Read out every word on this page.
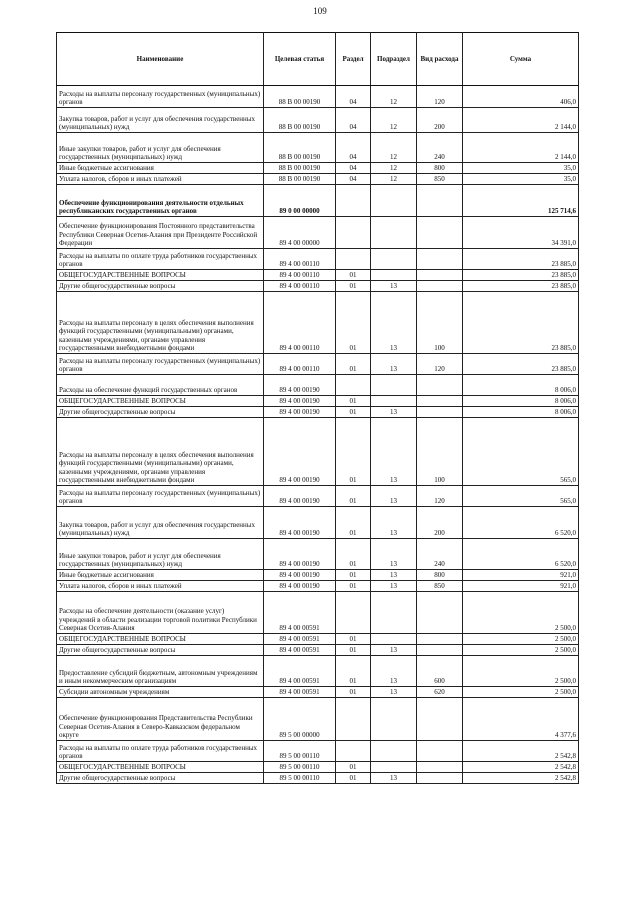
109
Наименование	Целевая статья	Раздел	Подраздел	Вид расхода	Сумма
Расходы на выплаты персоналу государственных (муниципальных) органов	88 В 00 00190	04	12	120	406,0
Закупка товаров, работ и услуг для обеспечения государственных (муниципальных) нужд	88 В 00 00190	04	12	200	2 144,0
Иные закупки товаров, работ и услуг для обеспечения государственных (муниципальных) нужд	88 В 00 00190	04	12	240	2 144,0
Иные бюджетные ассигнования	88 В 00 00190	04	12	800	35,0
Уплата налогов, сборов и иных платежей	88 В 00 00190	04	12	850	35,0
Обеспечение функционирования деятельности отдельных республиканских государственных органов	89 0 00 00000				125 714,6
Обеспечение функционирования Постоянного представительства Республики Северная Осетия-Алания при Президенте Российской Федерации	89 4 00 00000				34 391,0
Расходы на выплаты по оплате труда работников государственных органов	89 4 00 00110				23 885,0
ОБЩЕГОСУДАРСТВЕННЫЕ ВОПРОСЫ	89 4 00 00110	01			23 885,0
Другие общегосударственные вопросы	89 4 00 00110	01	13		23 885,0
Расходы на выплаты персоналу в целях обеспечения выполнения функций государственными (муниципальными) органами, казенными учреждениями, органами управления государственными внебюджетными фондами	89 4 00 00110	01	13	100	23 885,0
Расходы на выплаты персоналу государственных (муниципальных) органов	89 4 00 00110	01	13	120	23 885,0
Расходы на обеспечение функций государственных органов	89 4 00 00190				8 006,0
ОБЩЕГОСУДАРСТВЕННЫЕ ВОПРОСЫ	89 4 00 00190	01			8 006,0
Другие общегосударственные вопросы	89 4 00 00190	01	13		8 006,0
Расходы на выплаты персоналу в целях обеспечения выполнения функций государственными (муниципальными) органами, казенными учреждениями, органами управления государственными внебюджетными фондами	89 4 00 00190	01	13	100	565,0
Расходы на выплаты персоналу государственных (муниципальных) органов	89 4 00 00190	01	13	120	565,0
Закупка товаров, работ и услуг для обеспечения государственных (муниципальных) нужд	89 4 00 00190	01	13	200	6 520,0
Иные закупки товаров, работ и услуг для обеспечения государственных (муниципальных) нужд	89 4 00 00190	01	13	240	6 520,0
Иные бюджетные ассигнования	89 4 00 00190	01	13	800	921,0
Уплата налогов, сборов и иных платежей	89 4 00 00190	01	13	850	921,0
Расходы на обеспечение деятельности (оказание услуг) учреждений в области реализации торговой политики Республики Северная Осетия-Алания	89 4 00 00591				2 500,0
ОБЩЕГОСУДАРСТВЕННЫЕ ВОПРОСЫ	89 4 00 00591	01			2 500,0
Другие общегосударственные вопросы	89 4 00 00591	01	13		2 500,0
Предоставление субсидий бюджетным, автономным учреждениям и иным некоммерческим организациям	89 4 00 00591	01	13	600	2 500,0
Субсидии автономным учреждениям	89 4 00 00591	01	13	620	2 500,0
Обеспечение функционирования Представительства Республики Северная Осетия-Алания в Северо-Кавказском федеральном округе	89 5 00 00000				4 377,6
Расходы на выплаты по оплате труда работников государственных органов	89 5 00 00110				2 542,8
ОБЩЕГОСУДАРСТВЕННЫЕ ВОПРОСЫ	89 5 00 00110	01			2 542,8
Другие общегосударственные вопросы	89 5 00 00110	01	13		2 542,8
